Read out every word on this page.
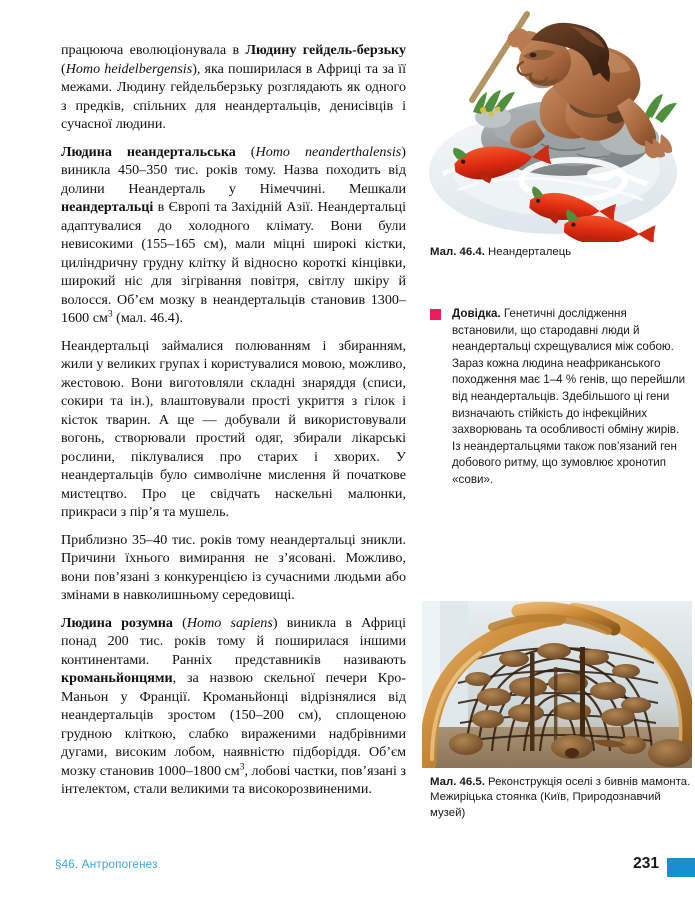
працююча еволюціонувала в Людину гейдель-берзьку (Homo heidelbergensis), яка поширилася в Африці та за її межами. Людину гейдельберзьку розглядають як одного з предків, спільних для неандертальців, денисівців і сучасної людини.

Людина неандертальська (Homo neanderthalensis) виникла 450–350 тис. років тому. Назва походить від долини Неандерталь у Німеччині. Мешкали неандертальці в Європі та Західній Азії. Неандертальці адаптувалися до холодного клімату. Вони були невисокими (155–165 см), мали міцні широкі кістки, циліндричну грудну клітку й відносно короткі кінцівки, широкий ніс для зігрівання повітря, світлу шкіру й волосся. Об’єм мозку в неандертальців становив 1300–1600 $см^3$ (мал. 46.4).

Неандертальці займалися полюванням і збиранням, жили у великих групах і користувалися мовою, можливо, жестовою. Вони виготовляли складні знаряддя (списи, сокири та ін.), влаштовували прості укриття з гілок і кісток тварин. А ще — добували й використовували вогонь, створювали простий одяг, збирали лікарські рослини, піклувалися про старих і хворих. У неандертальців було символічне мислення й початкове мистецтво. Про це свідчать наскельні малюнки, прикраси з пір’я та мушель.

Приблизно 35–40 тис. років тому неандертальці зникли. Причини їхнього вимирання не з’ясовані. Можливо, вони пов’язані з конкуренцією із сучасними людьми або змінами в навколишньому середовищі.

Людина розумна (Homo sapiens) виникла в Африці понад 200 тис. років тому й поширилася іншими континентами. Ранніх представників називають кроманьйонцями, за назвою скельної печери Кро-Маньон у Франції. Кроманьйонці відрізнялися від неандертальців зростом (150–200 см), сплощеною грудною кліткою, слабко вираженими надбрівними дугами, високим лобом, наявністю підборіддя. Об’єм мозку становив 1000–1800 $см^3$, лобові частки, пов’язані з інтелектом, стали великими та високорозвиненими.

Мал. 46.4. Неандерталець
Довідка. Генетичні дослідження встановили, що стародавні люди й неандертальці схрещувалися між собою. Зараз кожна людина неафриканського походження має 1–4 % генів, що перейшли від неандертальців. Здебільшого ці гени визначають стійкість до інфекційних захворювань та особливості обміну жирів. Із неандертальцями також пов’язаний ген добового ритму, що зумовлює хронотип «сови».
Мал. 46.5. Реконструкція оселі з бивнів мамонта. Межиріцька стоянка (Київ, Природознавчий музей)
§46. Антропогенез	231
